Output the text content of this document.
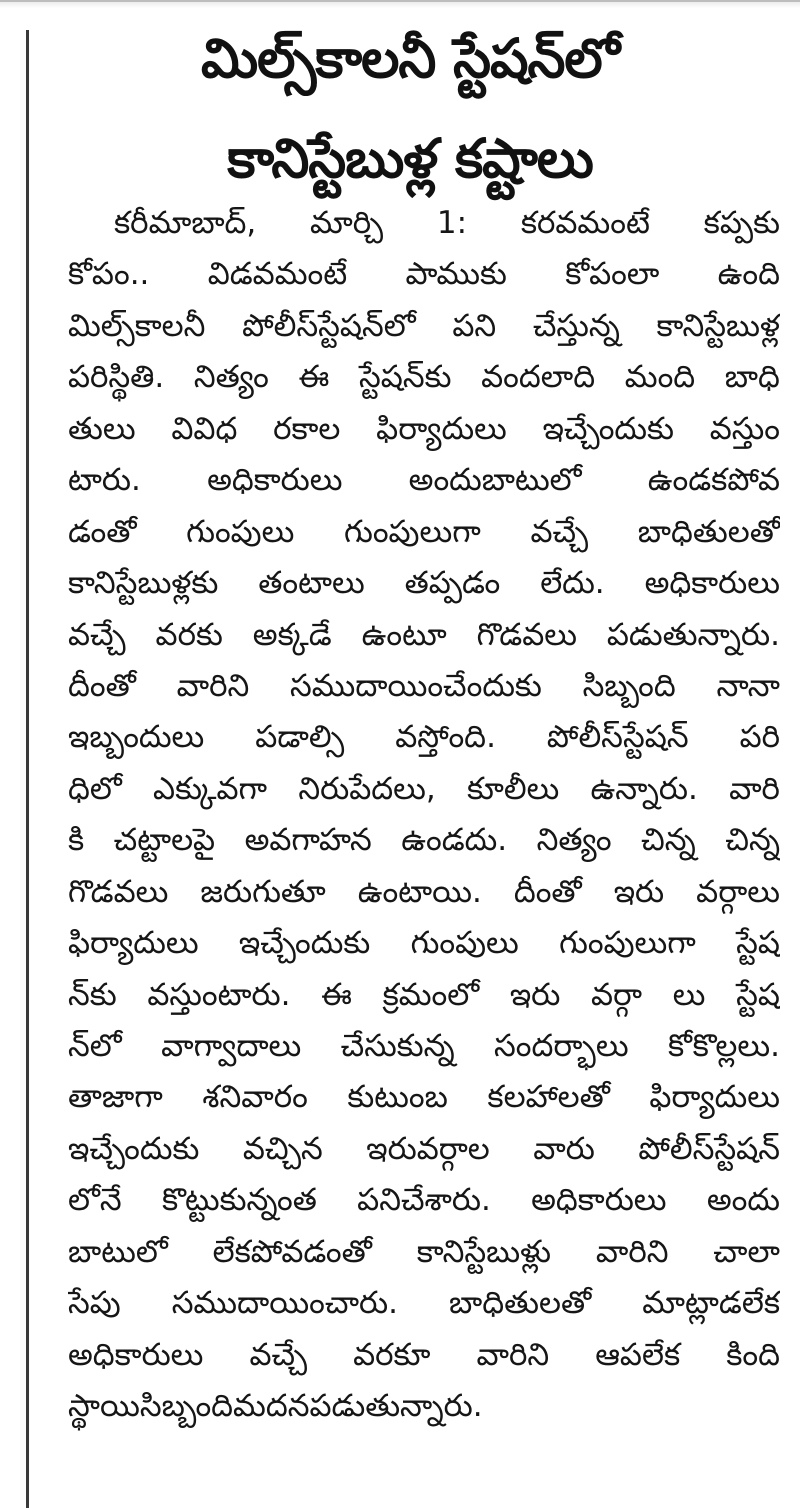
మిల్స్‌కాలనీ స్టేషన్‌లో
కానిస్టేబుళ్ల కష్టాలు
కరీమాబాద్, మార్చి 1: కరవమంటే కప్పకు
కోపం.. విడవమంటే పాముకు కోపంలా ఉంది
మిల్స్‌కాలనీ పోలీస్‌స్టేషన్‌లో పని చేస్తున్న కానిస్టేబుళ్ల
పరిస్థితి. నిత్యం ఈ స్టేషన్‌కు వందలాది మంది బాధి
తులు వివిధ రకాల ఫిర్యాదులు ఇచ్చేందుకు వస్తుం
టారు. అధికారులు అందుబాటులో ఉండకపోవ
డంతో గుంపులు గుంపులుగా వచ్చే బాధితులతో
కానిస్టేబుళ్లకు తంటాలు తప్పడం లేదు. అధికారులు
వచ్చే వరకు అక్కడే ఉంటూ గొడవలు పడుతున్నారు.
దీంతో వారిని సముదాయించేందుకు సిబ్బంది నానా
ఇబ్బందులు పడాల్సి వస్తోంది. పోలీస్‌స్టేషన్ పరి
ధిలో ఎక్కువగా నిరుపేదలు, కూలీలు ఉన్నారు. వారి
కి చట్టాలపై అవగాహన ఉండదు. నిత్యం చిన్న చిన్న
గొడవలు జరుగుతూ ఉంటాయి. దీంతో ఇరు వర్గాలు
ఫిర్యాదులు ఇచ్చేందుకు గుంపులు గుంపులుగా స్టేష
న్‌కు వస్తుంటారు. ఈ క్రమంలో ఇరు వర్గా లు స్టేష
న్‌లో వాగ్వాదాలు చేసుకున్న సందర్భాలు కోకొల్లలు.
తాజాగా శనివారం కుటుంబ కలహాలతో ఫిర్యాదులు
ఇచ్చేందుకు వచ్చిన ఇరువర్గాల వారు పోలీస్‌స్టేషన్
లోనే కొట్టుకున్నంత పనిచేశారు. అధికారులు అందు
బాటులో లేకపోవడంతో కానిస్టేబుళ్లు వారిని చాలా
సేపు సముదాయించారు. బాధితులతో మాట్లాడలేక
అధికారులు వచ్చే వరకూ వారిని ఆపలేక కింది
స్థాయి సిబ్బంది మదనపడుతున్నారు.
